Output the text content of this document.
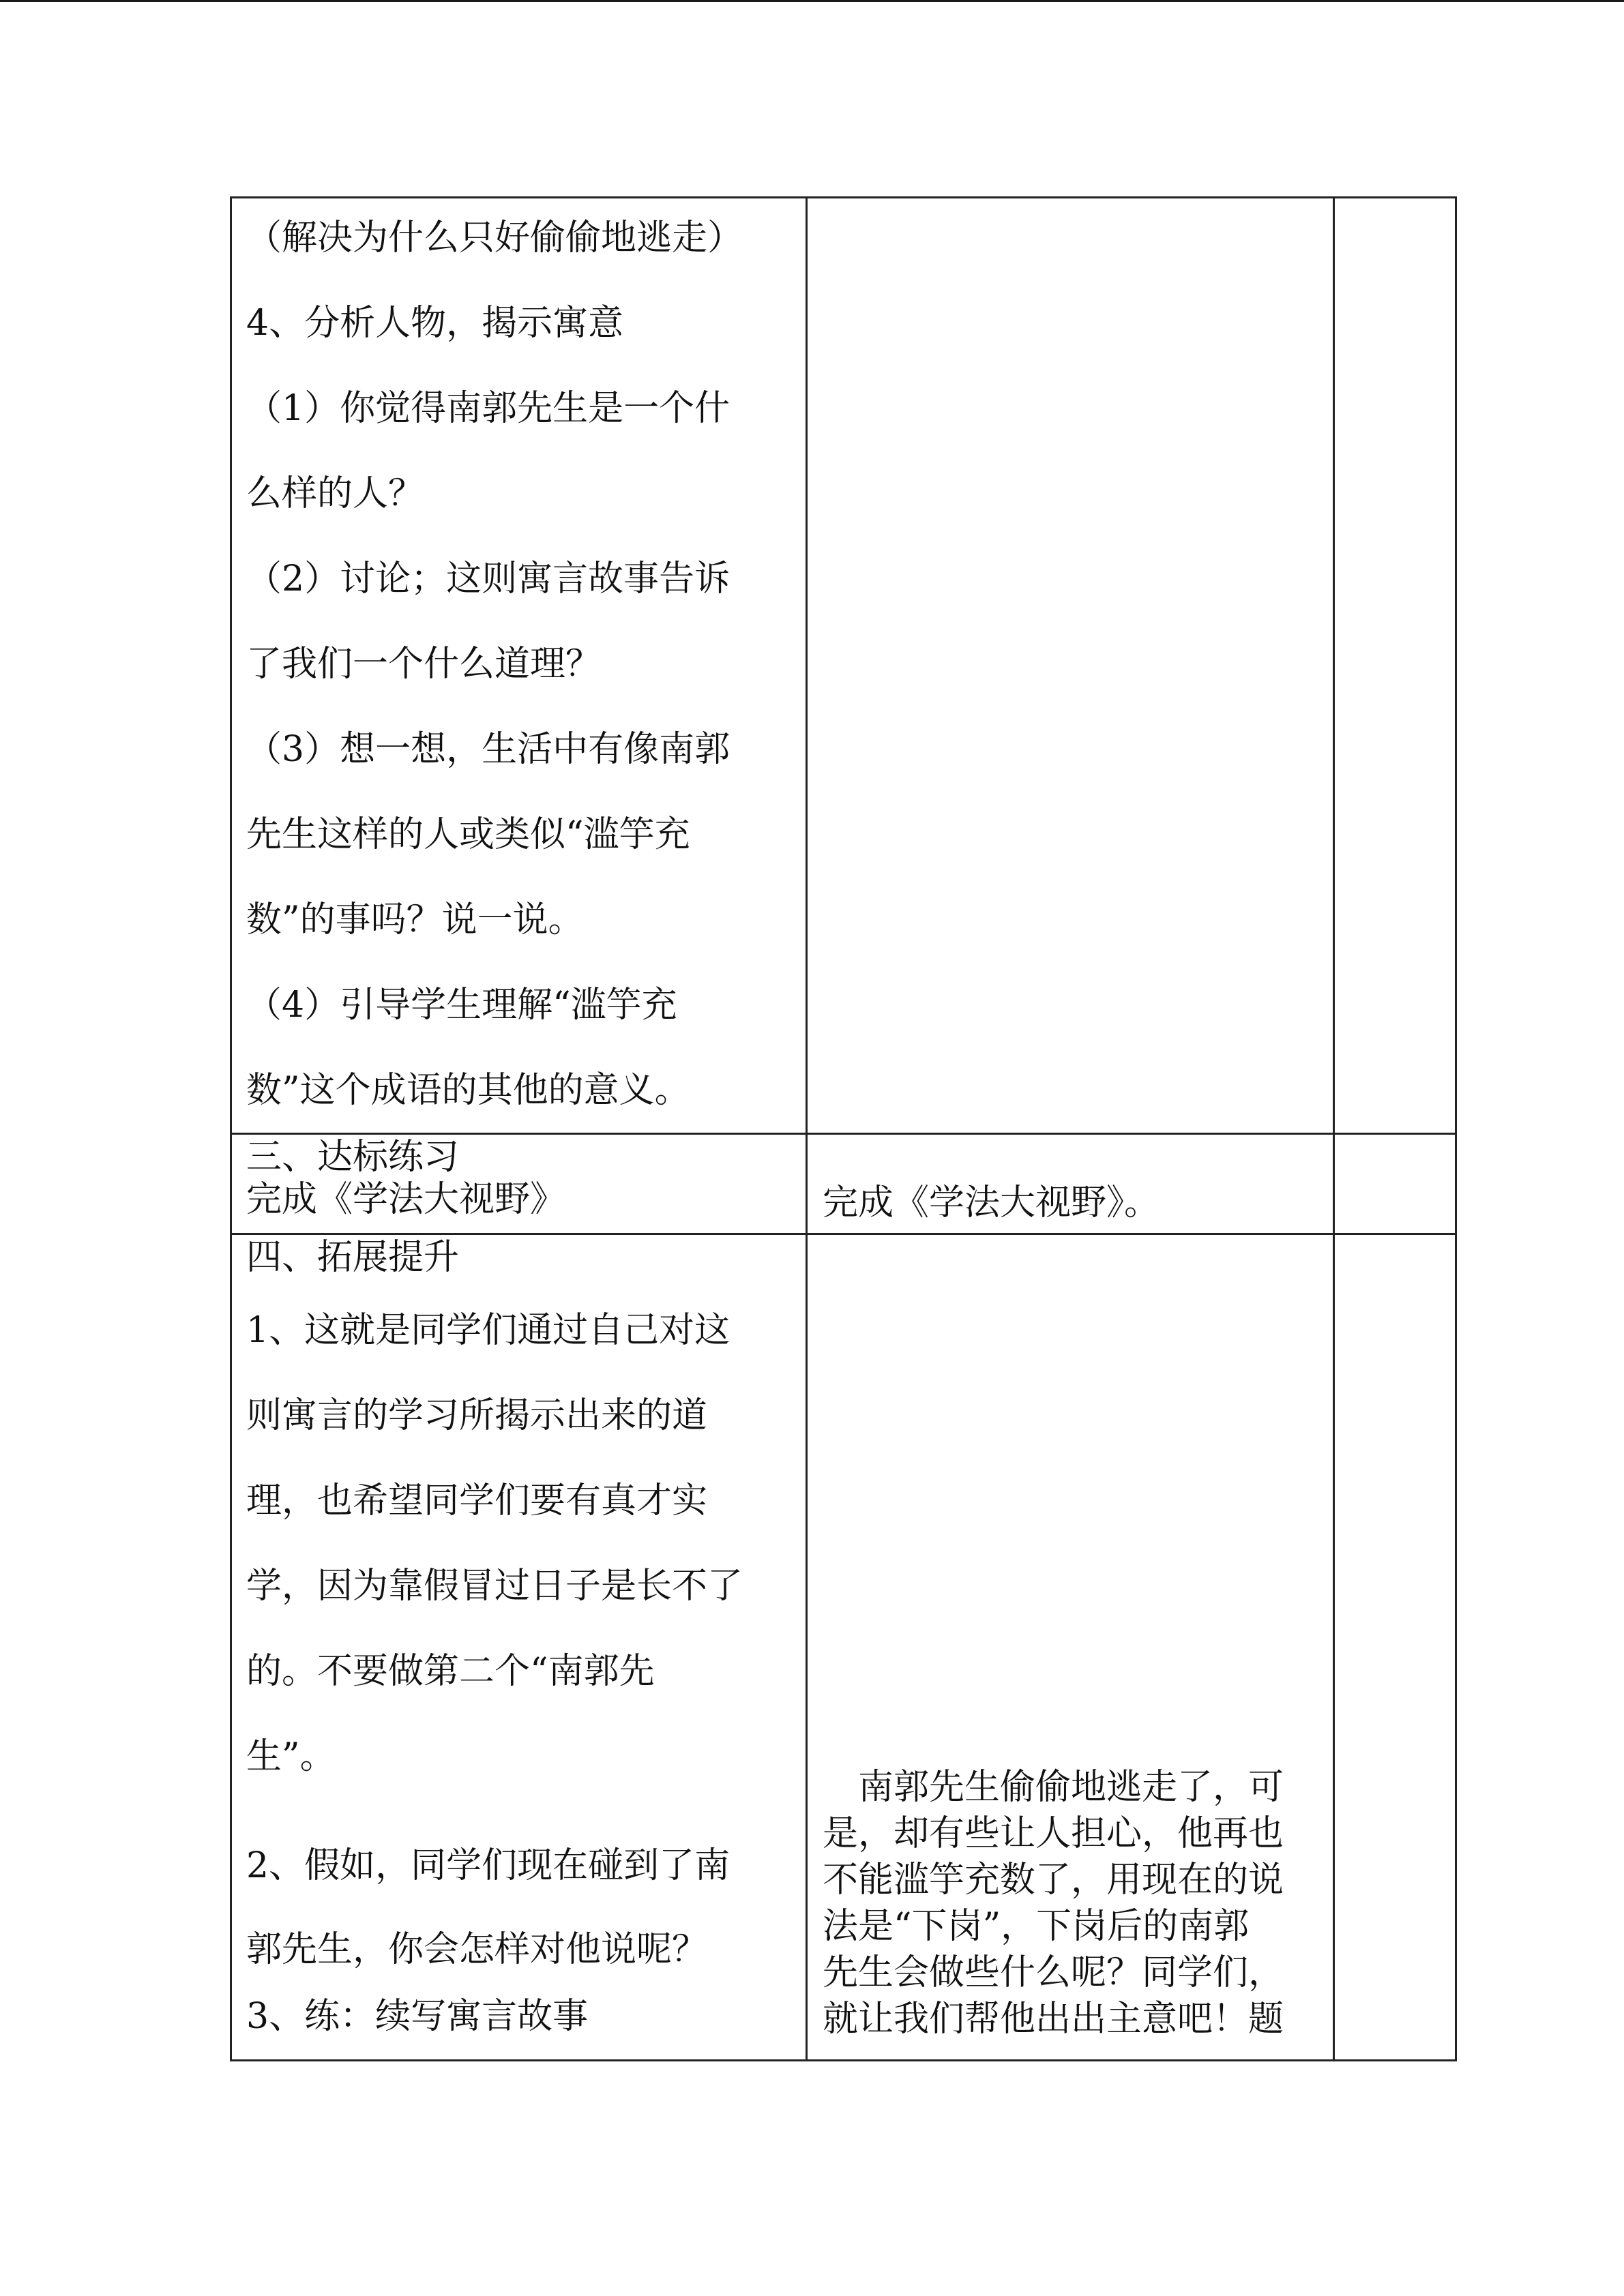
（解决为什么只好偷偷地逃走）
4、分析人物，揭示寓意
（1）你觉得南郭先生是一个什
么样的人？
（2）讨论；这则寓言故事告诉
了我们一个什么道理？
（3）想一想，生活中有像南郭
先生这样的人或类似“滥竽充
数”的事吗？说一说。
（4）引导学生理解“滥竽充
数”这个成语的其他的意义。
三、达标练习
完成《学法大视野》	完成《学法大视野》。
四、拓展提升
1、这就是同学们通过自己对这
则寓言的学习所揭示出来的道
理，也希望同学们要有真才实
学，因为靠假冒过日子是长不了
的。不要做第二个“南郭先
生”。
2、假如，同学们现在碰到了南
郭先生，你会怎样对他说呢？
3、练：续写寓言故事
　南郭先生偷偷地逃走了，可
是，却有些让人担心，他再也
不能滥竽充数了，用现在的说
法是“下岗”，下岗后的南郭
先生会做些什么呢？同学们，
就让我们帮他出出主意吧！题
